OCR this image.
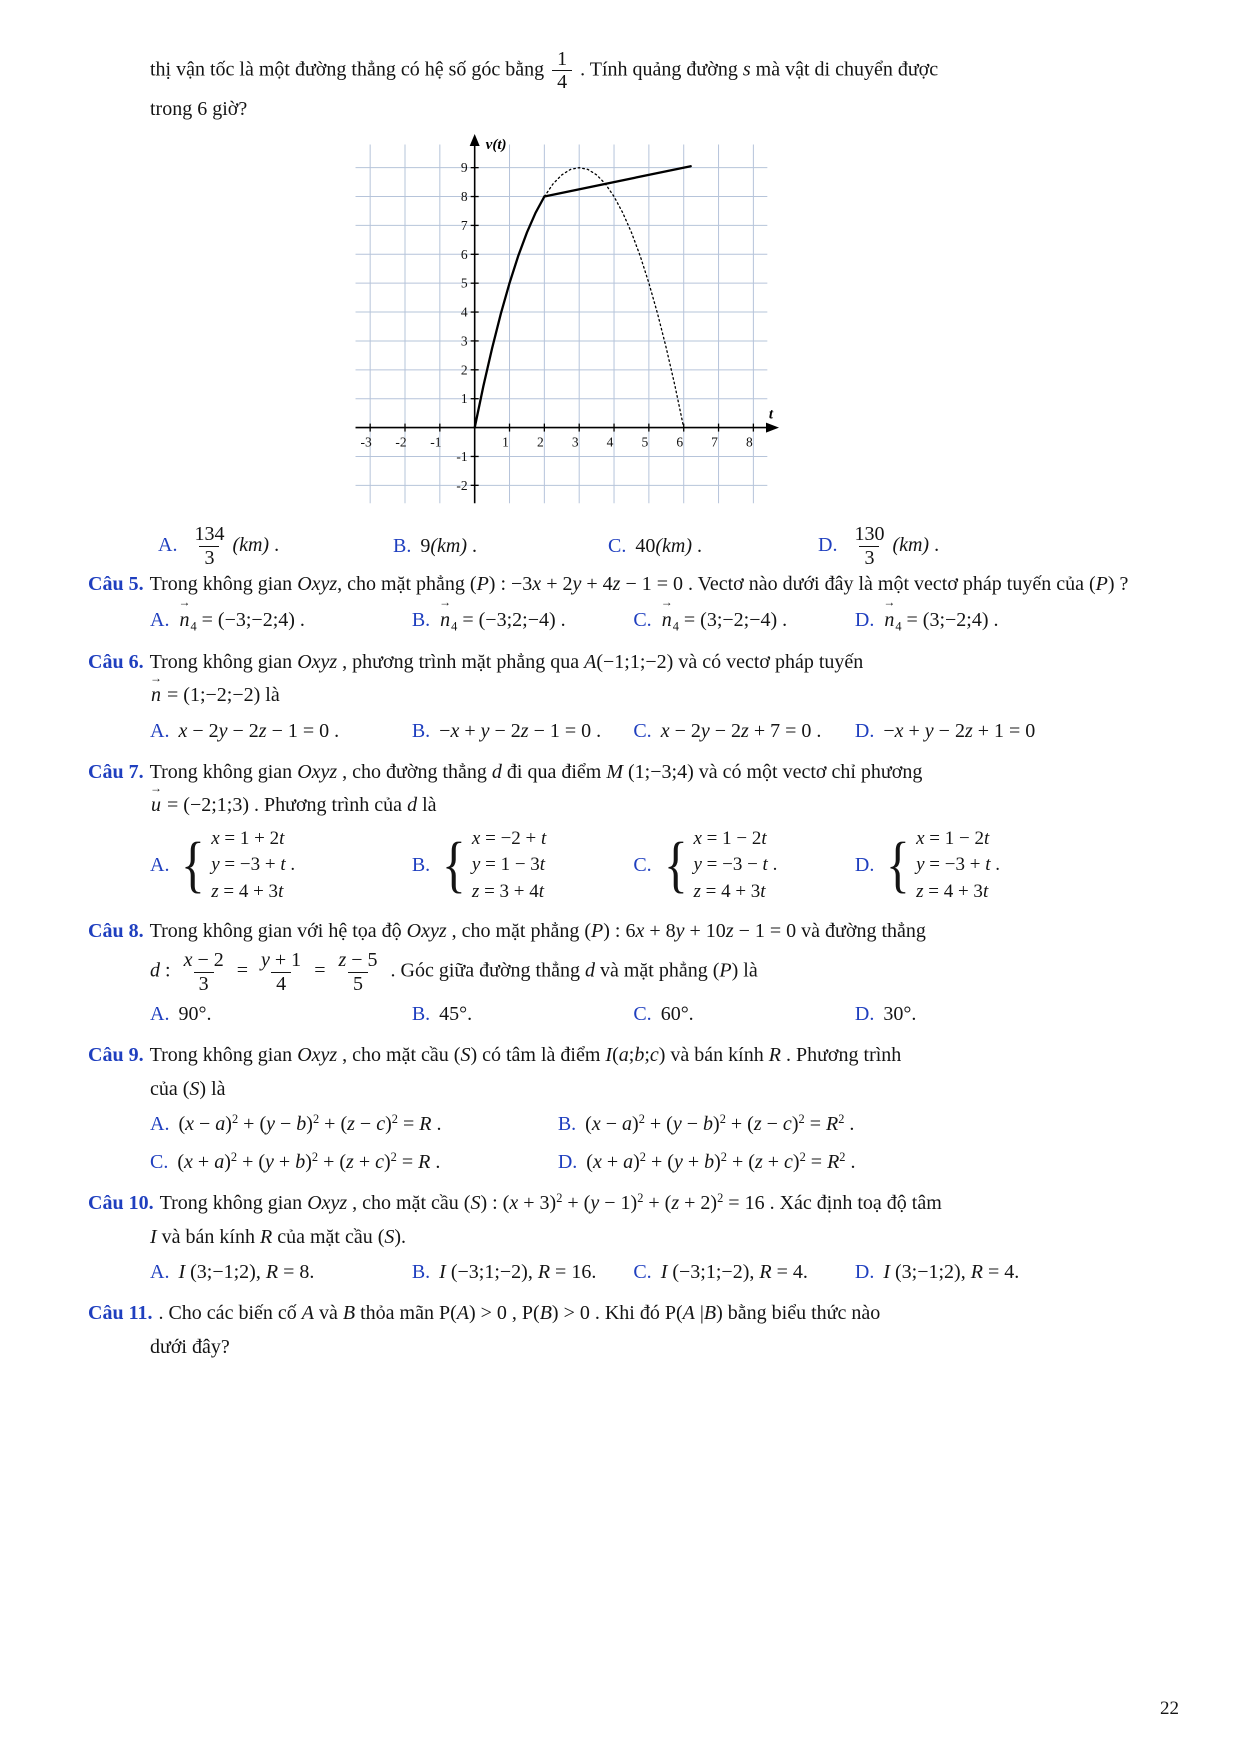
thị vận tốc là một đường thẳng có hệ số góc bằng $\frac{1}{4}$ . Tính quảng đường s mà vật di chuyển được

trong 6 giờ?

-3 -2 -1	1 2 3 4 5 6 7 8
-2
-1
1
2
3
4
5
6
7
8
9
v(t)
t
A. $\frac{134}{3} (km)$ .	B. 9(km) .	C. 40(km) .	D. $\frac{130}{3} (km)$ .

Câu 5. Trong không gian Oxyz, cho mặt phẳng (P) : −3x + 2y + 4z − 1 = 0 . Vectơ nào dưới đây là một vectơ pháp tuyến của (P) ?

A. $n \to_4$ = (−3;−2;4) .	B. $n \to_4$ = (−3;2;−4) .	C. $n \to_4$ = (3;−2;−4) .	D. $n \to_4$ = (3;−2;4) .

Câu 6. Trong không gian Oxyz , phương trình mặt phẳng qua A(−1;1;−2) và có vectơ pháp tuyến

n → = (1;−2;−2) là

A. x − 2y − 2z − 1 = 0 .	B. −x + y − 2z − 1 = 0 .	C. x − 2y − 2z + 7 = 0 .	D. −x + y − 2z + 1 = 0

Câu 7. Trong không gian Oxyz , cho đường thẳng d đi qua điểm M (1;−3;4) và có một vectơ chỉ phương

u → = (−2;1;3) . Phương trình của d là

A. { x = 1 + 2t
y = −3 + t .
z = 4 + 3t
B. { x = −2 + t
y = 1 − 3t
z = 3 + 4t
C. { x = 1 − 2t
y = −3 − t .
z = 4 + 3t
D. { x = 1 − 2t
y = −3 + t .
z = 4 + 3t

Câu 8. Trong không gian với hệ tọa độ Oxyz , cho mặt phẳng (P) : 6x + 8y + 10z − 1 = 0 và đường thẳng

d : $\frac{x - 2}{3} = \frac{y + 1}{4} = \frac{z - 5}{5}$ . Góc giữa đường thẳng d và mặt phẳng (P) là

A. 90°.	B. 45°.	C. 60°.	D. 30°.

Câu 9. Trong không gian Oxyz , cho mặt cầu (S) có tâm là điểm I(a;b;c) và bán kính R . Phương trình

của (S) là

A. $(x - a)^2 + (y - b)^2 + (z - c)^2 = R$ .	B. $(x - a)^2 + (y - b)^2 + (z - c)^2 = R^2$ .
C. $(x + a)^2 + (y + b)^2 + (z + c)^2 = R$ .	D. $(x + a)^2 + (y + b)^2 + (z + c)^2 = R^2$ .

Câu 10. Trong không gian Oxyz , cho mặt cầu (S) : $(x + 3)^2 + (y - 1)^2 + (z + 2)^2 = 16$ . Xác định toạ độ tâm

I và bán kính R của mặt cầu (S).

A. I (3;−1;2), R = 8.	B. I (−3;1;−2), R = 16.	C. I (−3;1;−2), R = 4.	D. I (3;−1;2), R = 4.

Câu 11. . Cho các biến cố A và B thỏa mãn P(A) > 0 , P(B) > 0 . Khi đó P(A |B) bằng biểu thức nào

dưới đây?

22
